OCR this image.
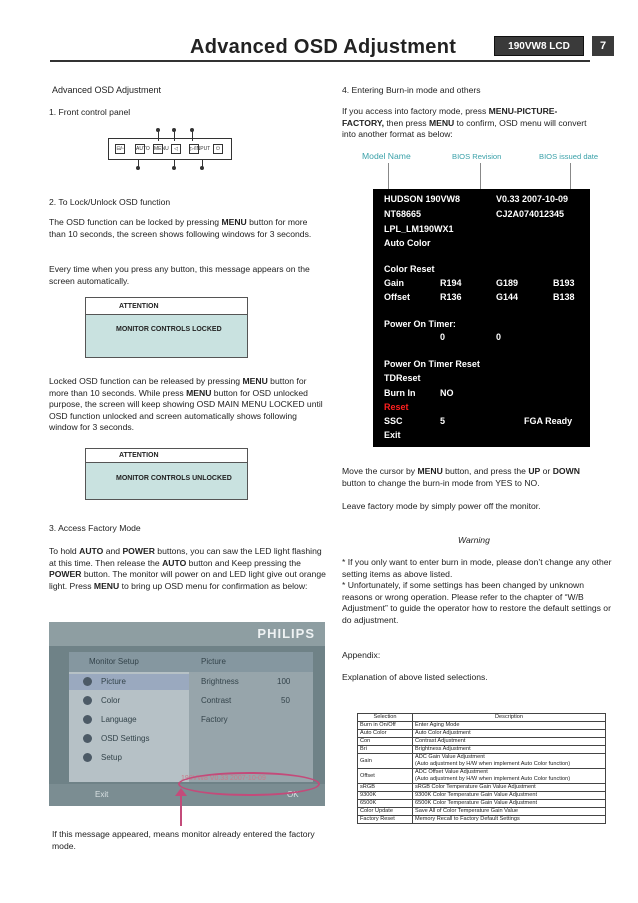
Advanced OSD Adjustment	190VW8 LCD	7
Advanced OSD Adjustment
1. Front control panel
⊟/▫ AUTO MENU	◁	▷/INPUT	⏻
2. To Lock/Unlock OSD function
The OSD function can be locked by pressing MENU button for more than 10 seconds, the screen shows following windows for 3 seconds.
Every time when you press any button, this message appears on the screen automatically.
ATTENTION
MONITOR CONTROLS LOCKED
Locked OSD function can be released by pressing MENU button for more than 10 seconds. While press MENU button for OSD unlocked purpose, the screen will keep showing OSD MAIN MENU LOCKED until OSD function unlocked and screen automatically shows following window for 3 seconds.
ATTENTION
MONITOR CONTROLS UNLOCKED
3. Access Factory Mode
To hold AUTO and POWER buttons, you can saw the LED light flashing at this time. Then release the AUTO button and Keep pressing the POWER button. The monitor will power on and LED light give out orange light. Press MENU to bring up OSD menu for confirmation as below:
PHILIPS
Monitor Setup	Picture
Picture
Color
Language
OSD Settings
Setup
Brightness	100
Contrast	50
Factory
Exit	OK
190VW8 V0.33 2007-10-09
If this message appeared, means monitor already entered the factory mode.
4. Entering Burn-in mode and others
If you access into factory mode, press MENU-PICTURE-FACTORY, then press MENU to confirm, OSD menu will convert into another format as below:
Model Name	BIOS Revision	BIOS issued date
HUDSON 190VW8	V0.33 2007-10-09
NT68665	CJ2A074012345
LPL_LM190WX1
Auto Color
Color Reset
Gain	R194	G189	B193
Offset	R136	G144	B138
Power On Timer:
0	0
Power On Timer Reset
TDReset
Burn In	NO
Reset
SSC	5	FGA Ready
Exit
Move the cursor by MENU button, and press the UP or DOWN button to change the burn-in mode from YES to NO.
Leave factory mode by simply power off the monitor.
Warning
* If you only want to enter burn in mode, please don’t change any other setting items as above listed.
* Unfortunately, if some settings has been changed by unknown reasons or wrong operation. Please refer to the chapter of “W/B Adjustment” to guide the operator how to restore the default settings or do adjustment.
Appendix:
Explanation of above listed selections.
Selection	Description
Burn in On/Off	Enter Aging Mode
Auto Color	Auto Color Adjustment
Con	Contrast Adjustment
Bri	Brightness Adjustment
Gain	ADC Gain Value Adjustment
(Auto adjustment by H/W when implement Auto Color function)

Offset	ADC Offset Value Adjustment
(Auto adjustment by H/W when implement Auto Color function)

sRGB	sRGB Color Temperature Gain Value Adjustment
9300K	9300K Color Temperature Gain Value Adjustment
6500K	6500K Color Temperature Gain Value Adjustment
Color Update	Save All of Color Temperature Gain Value
Factory Reset	Memory Recall to Factory Default Settings
